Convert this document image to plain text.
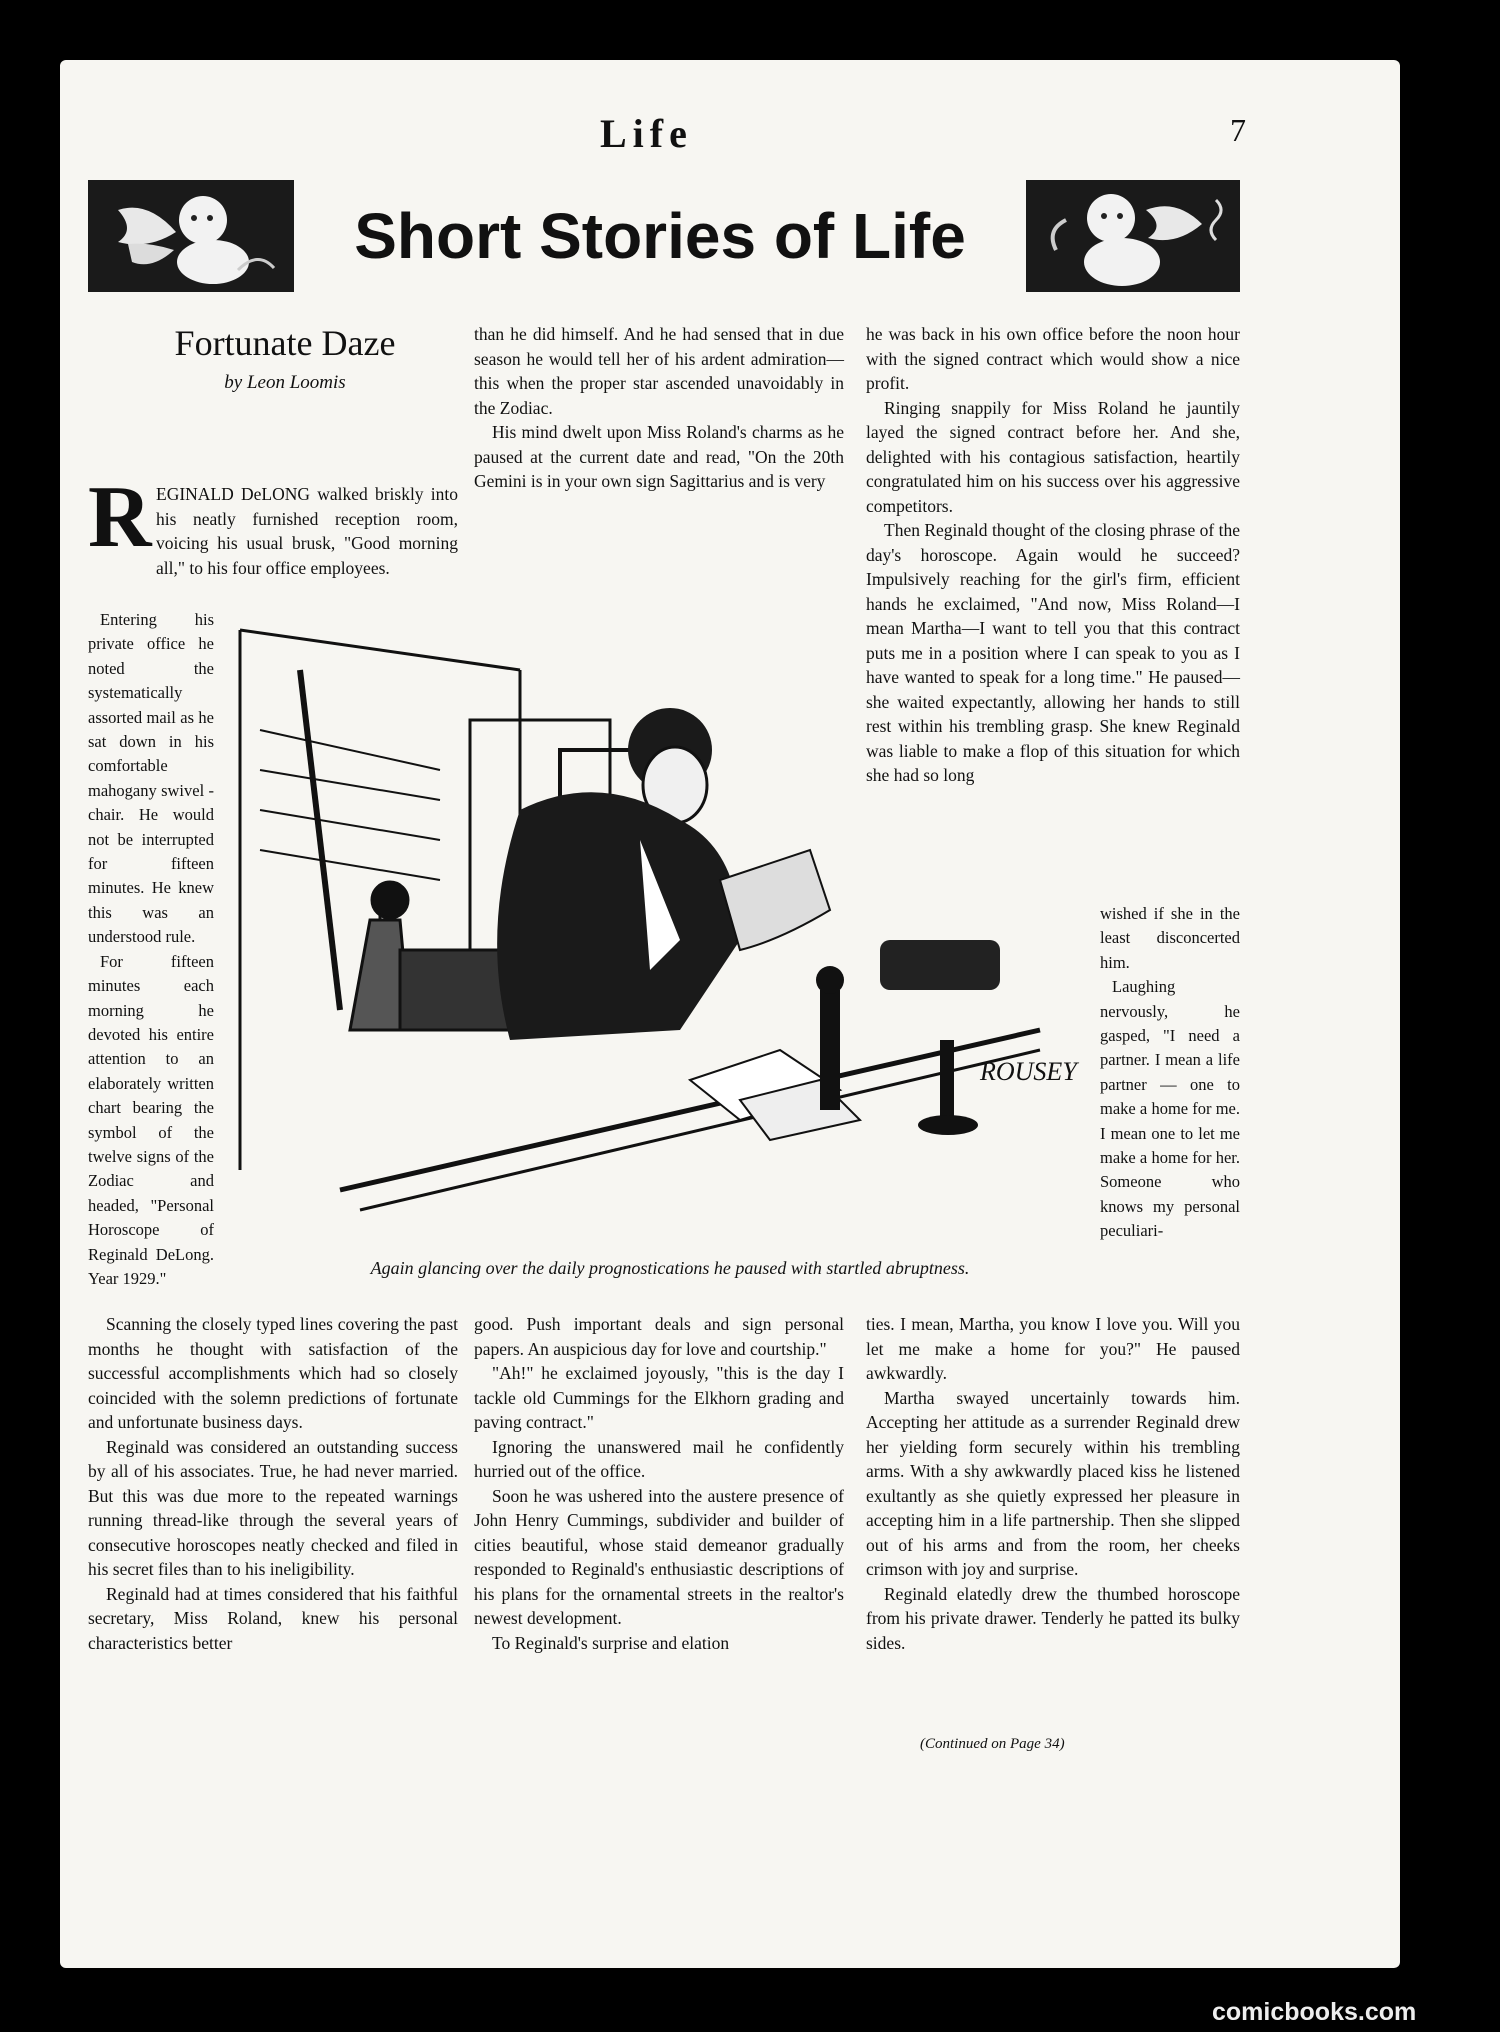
Life	7
Short Stories of Life
Fortunate Daze
by Leon Loomis
R EGINALD DeLONG walked briskly into his neatly furnished reception room, voicing his usual brusk, "Good morning all," to his four office employees.

Entering his private office he noted the systematically assorted mail as he sat down in his comfortable mahogany swivel - chair. He would not be interrupted for fifteen minutes. He knew this was an understood rule.

For fifteen minutes each morning he devoted his entire attention to an elaborately written chart bearing the symbol of the twelve signs of the Zodiac and headed, "Personal Horoscope of Reginald DeLong. Year 1929."

Scanning the closely typed lines covering the past months he thought with satisfaction of the successful accomplishments which had so closely coincided with the solemn predictions of fortunate and unfortunate business days.

Reginald was considered an outstanding success by all of his associates. True, he had never married. But this was due more to the repeated warnings running thread-like through the several years of consecutive horoscopes neatly checked and filed in his secret files than to his ineligibility.

Reginald had at times considered that his faithful secretary, Miss Roland, knew his personal characteristics better

than he did himself. And he had sensed that in due season he would tell her of his ardent admiration—this when the proper star ascended unavoidably in the Zodiac.

His mind dwelt upon Miss Roland's charms as he paused at the current date and read, "On the 20th Gemini is in your own sign Sagittarius and is very

good. Push important deals and sign personal papers. An auspicious day for love and courtship."

"Ah!" he exclaimed joyously, "this is the day I tackle old Cummings for the Elkhorn grading and paving contract."

Ignoring the unanswered mail he confidently hurried out of the office.

Soon he was ushered into the austere presence of John Henry Cummings, subdivider and builder of cities beautiful, whose staid demeanor gradually responded to Reginald's enthusiastic descriptions of his plans for the ornamental streets in the realtor's newest development.

To Reginald's surprise and elation

he was back in his own office before the noon hour with the signed contract which would show a nice profit.

Ringing snappily for Miss Roland he jauntily layed the signed contract before her. And she, delighted with his contagious satisfaction, heartily congratulated him on his success over his aggressive competitors.

Then Reginald thought of the closing phrase of the day's horoscope. Again would he succeed? Impulsively reaching for the girl's firm, efficient hands he exclaimed, "And now, Miss Roland—I mean Martha—I want to tell you that this contract puts me in a position where I can speak to you as I have wanted to speak for a long time." He paused—she waited expectantly, allowing her hands to still rest within his trembling grasp. She knew Reginald was liable to make a flop of this situation for which she had so long

wished if she in the least disconcerted him.

Laughing nervously, he gasped, "I need a partner. I mean a life partner — one to make a home for me. I mean one to let me make a home for her. Someone who knows my personal peculiari-

ties. I mean, Martha, you know I love you. Will you let me make a home for you?" He paused awkwardly.

Martha swayed uncertainly towards him. Accepting her attitude as a surrender Reginald drew her yielding form securely within his trembling arms. With a shy awkwardly placed kiss he listened exultantly as she quietly expressed her pleasure in accepting him in a life partnership. Then she slipped out of his arms and from the room, her cheeks crimson with joy and surprise.

Reginald elatedly drew the thumbed horoscope from his private drawer. Tenderly he patted its bulky sides.

(Continued on Page 34)
ROUSEY
Again glancing over the daily prognostications he paused with startled abruptness.
comicbooks.com
